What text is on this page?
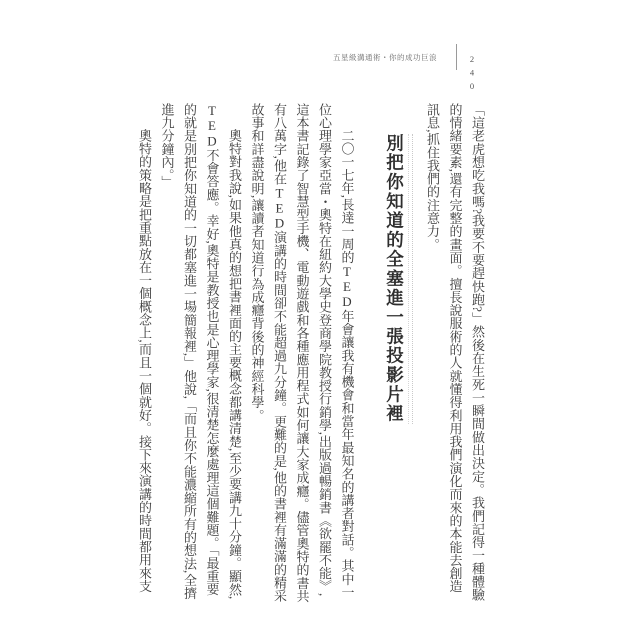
五星級溝通術・你的成功巨浪	240

「這老虎想吃我嗎?我要不要趕快跑?」然後在生死一瞬間做出決定。我們記得一種體驗的情緒要素,還有完整的畫面。擅長說服術的人就懂得利用我們演化而來的本能去創造訊息,抓住我們的注意力。

別把你知道的全塞進一張投影片裡

二〇一七年,長達一周的TED年會讓我有機會和當年最知名的講者對話。其中一位心理學家亞當・奧特在紐約大學史登商學院教授行銷學,出版過暢銷書《欲罷不能》,這本書記錄了智慧型手機、電動遊戲和各種應用程式如何讓大家成癮。儘管奧特的書共有八萬字,他在TED演講的時間卻不能超過九分鐘。更難的是,他的書裡有滿滿的精采故事和詳盡說明,讓讀者知道行為成癮背後的神經科學。

奧特對我說,如果他真的想把書裡面的主要概念都講清楚,至少要講九十分鐘。顯然,TED不會答應。幸好,奧特是教授也是心理學家,很清楚怎麼處理這個難題。「最重要的就是別把你知道的一切都塞進一場簡報裡,」他說,「而且你不能濃縮所有的想法,全擠進九分鐘內。」

奧特的策略是把重點放在一個概念上,而且一個就好。接下來演講的時間都用來支
